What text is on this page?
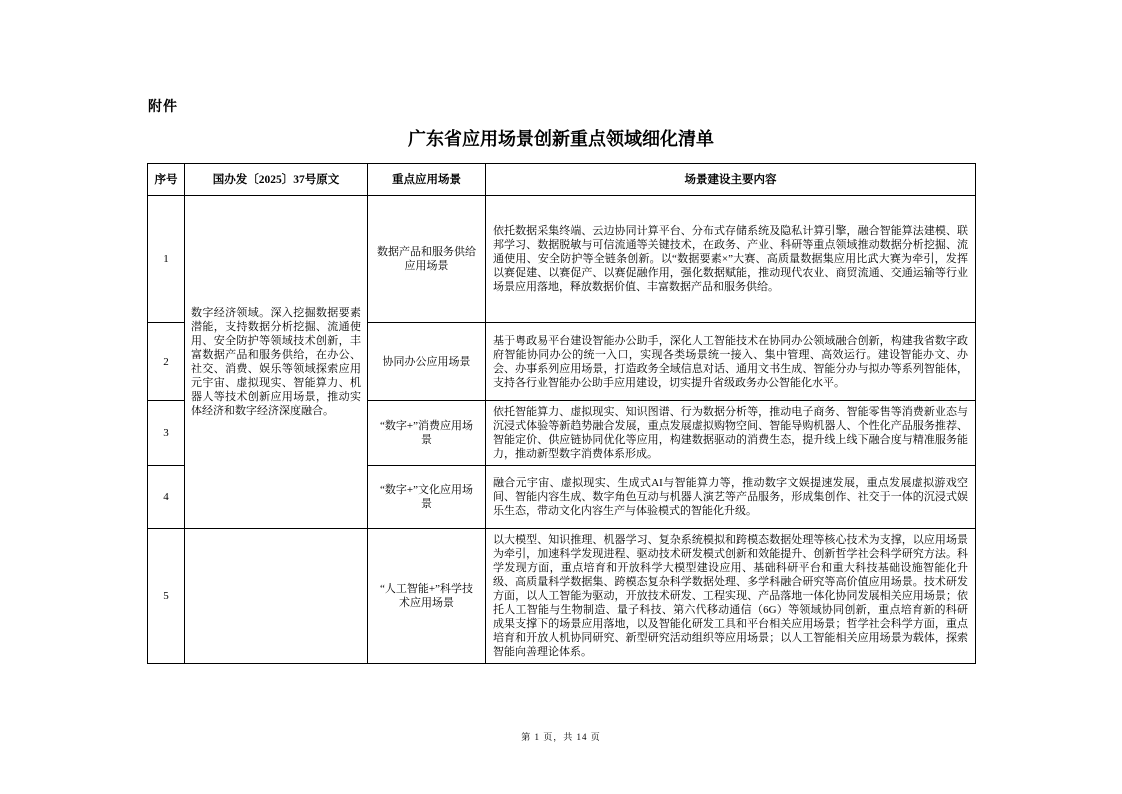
附件
广东省应用场景创新重点领域细化清单
序号	国办发〔2025〕37号原文	重点应用场景	场景建设主要内容
1	数字经济领域。深入挖掘数据要素潜能，支持数据分析挖掘、流通使用、安全防护等领域技术创新，丰富数据产品和服务供给，在办公、社交、消费、娱乐等领域探索应用元宇宙、虚拟现实、智能算力、机器人等技术创新应用场景，推动实体经济和数字经济深度融合。	数据产品和服务供给应用场景	依托数据采集终端、云边协同计算平台、分布式存储系统及隐私计算引擎，融合智能算法建模、联邦学习、数据脱敏与可信流通等关键技术，在政务、产业、科研等重点领域推动数据分析挖掘、流通使用、安全防护等全链条创新。以“数据要素×”大赛、高质量数据集应用比武大赛为牵引，发挥以赛促建、以赛促产、以赛促融作用，强化数据赋能，推动现代农业、商贸流通、交通运输等行业场景应用落地，释放数据价值、丰富数据产品和服务供给。
2		协同办公应用场景	基于粤政易平台建设智能办公助手，深化人工智能技术在协同办公领域融合创新，构建我省数字政府智能协同办公的统一入口，实现各类场景统一接入、集中管理、高效运行。建设智能办文、办会、办事系列应用场景，打造政务全域信息对话、通用文书生成、智能分办与拟办等系列智能体，支持各行业智能办公助手应用建设，切实提升省级政务办公智能化水平。
3		“数字+”消费应用场景	依托智能算力、虚拟现实、知识图谱、行为数据分析等，推动电子商务、智能零售等消费新业态与沉浸式体验等新趋势融合发展，重点发展虚拟购物空间、智能导购机器人、个性化产品服务推荐、智能定价、供应链协同优化等应用，构建数据驱动的消费生态，提升线上线下融合度与精准服务能力，推动新型数字消费体系形成。
4		“数字+”文化应用场景	融合元宇宙、虚拟现实、生成式AI与智能算力等，推动数字文娱提速发展，重点发展虚拟游戏空间、智能内容生成、数字角色互动与机器人演艺等产品服务，形成集创作、社交于一体的沉浸式娱乐生态，带动文化内容生产与体验模式的智能化升级。
5		“人工智能+”科学技术应用场景	以大模型、知识推理、机器学习、复杂系统模拟和跨模态数据处理等核心技术为支撑，以应用场景为牵引，加速科学发现进程、驱动技术研发模式创新和效能提升、创新哲学社会科学研究方法。科学发现方面，重点培育和开放科学大模型建设应用、基础科研平台和重大科技基础设施智能化升级、高质量科学数据集、跨模态复杂科学数据处理、多学科融合研究等高价值应用场景。技术研发方面，以人工智能为驱动，开放技术研发、工程实现、产品落地一体化协同发展相关应用场景；依托人工智能与生物制造、量子科技、第六代移动通信（6G）等领域协同创新，重点培育新的科研成果支撑下的场景应用落地，以及智能化研发工具和平台相关应用场景；哲学社会科学方面，重点培育和开放人机协同研究、新型研究活动组织等应用场景；以人工智能相关应用场景为载体，探索智能向善理论体系。
第 1 页，共 14 页
